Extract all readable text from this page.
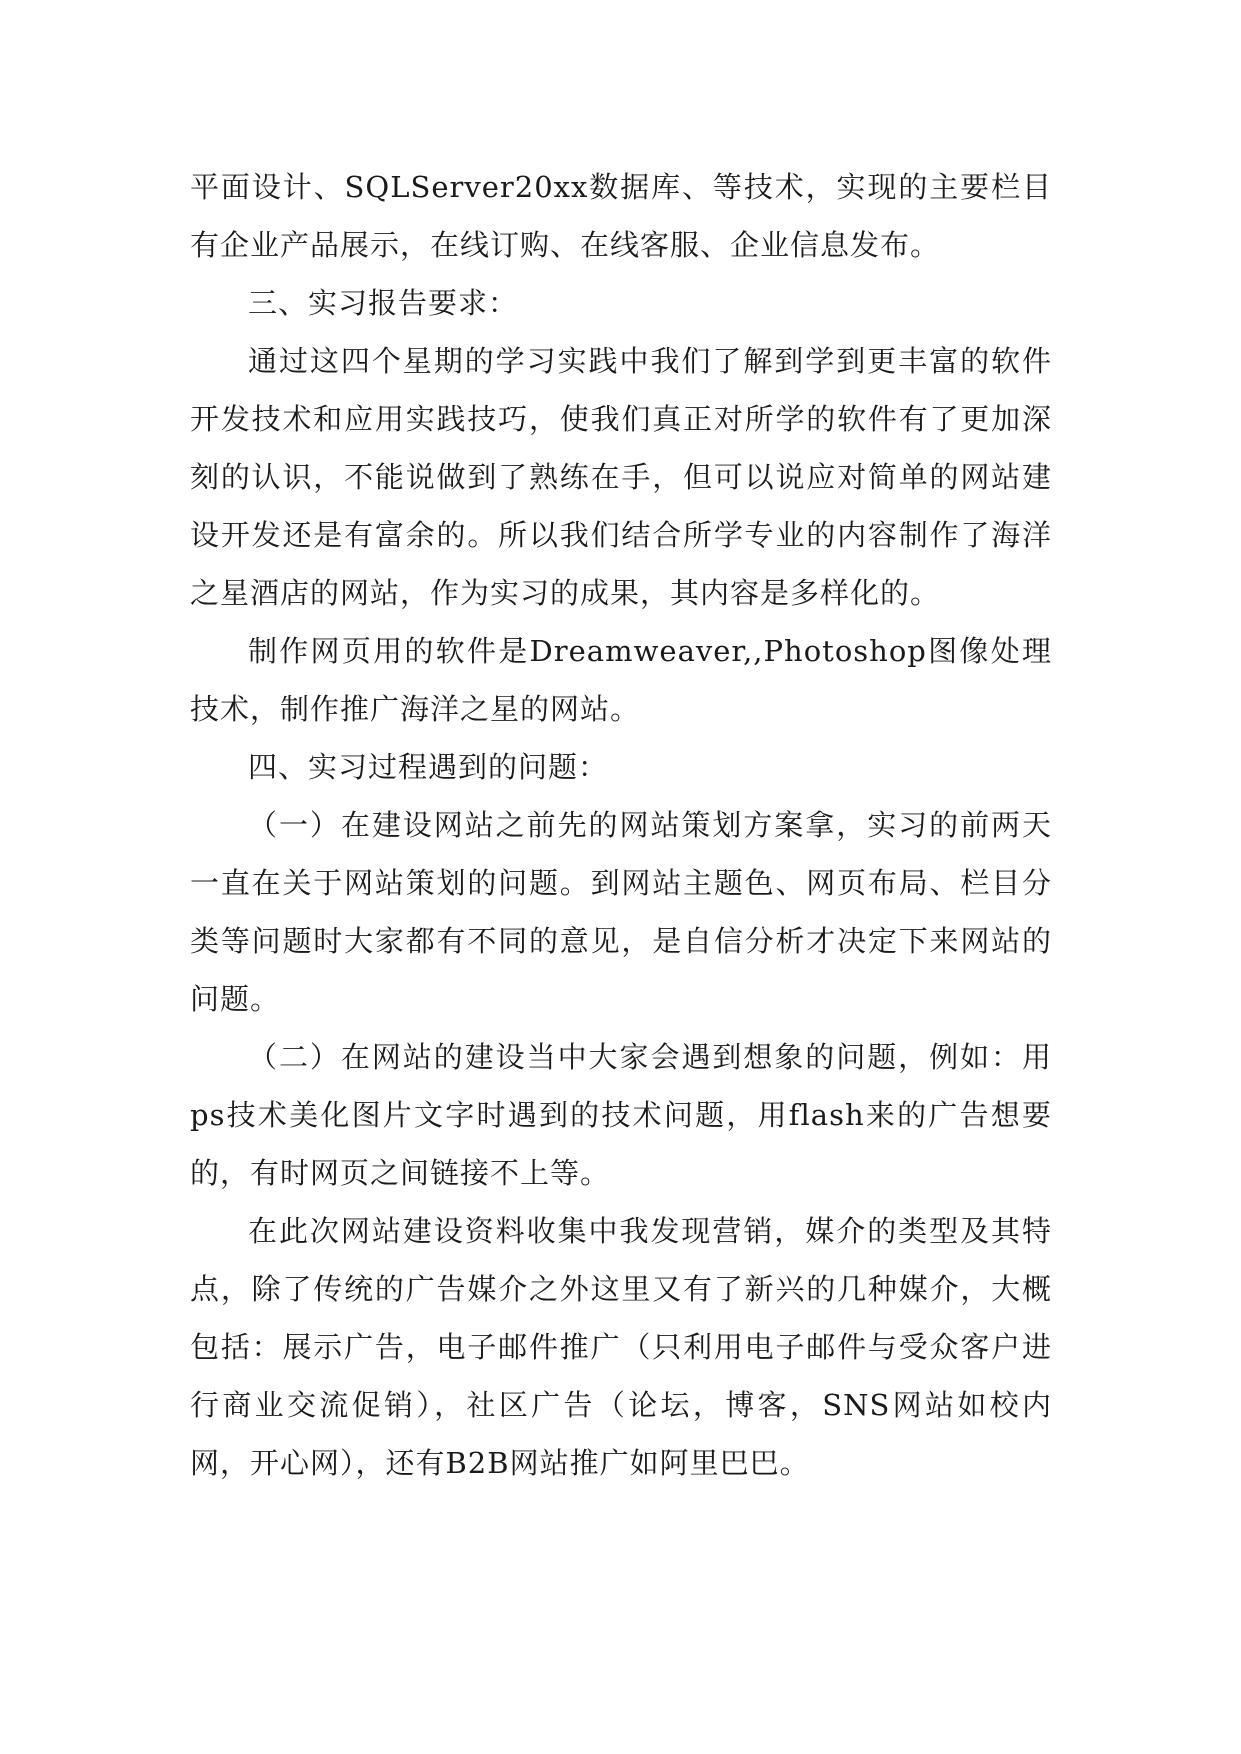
平面设计、SQLServer20xx数据库、等技术，实现的主要栏目有企业产品展示，在线订购、在线客服、企业信息发布。

三、实习报告要求：

通过这四个星期的学习实践中我们了解到学到更丰富的软件开发技术和应用实践技巧，使我们真正对所学的软件有了更加深刻的认识，不能说做到了熟练在手，但可以说应对简单的网站建设开发还是有富余的。所以我们结合所学专业的内容制作了海洋之星酒店的网站，作为实习的成果，其内容是多样化的。

制作网页用的软件是Dreamweaver,,Photoshop图像处理技术，制作推广海洋之星的网站。

四、实习过程遇到的问题：

（一）在建设网站之前先的网站策划方案拿，实习的前两天一直在关于网站策划的问题。到网站主题色、网页布局、栏目分类等问题时大家都有不同的意见，是自信分析才决定下来网站的问题。

（二）在网站的建设当中大家会遇到想象的问题，例如：用ps技术美化图片文字时遇到的技术问题，用flash来的广告想要的，有时网页之间链接不上等。

在此次网站建设资料收集中我发现营销，媒介的类型及其特点，除了传统的广告媒介之外这里又有了新兴的几种媒介，大概包括：展示广告，电子邮件推广（只利用电子邮件与受众客户进行商业交流促销），社区广告（论坛，博客，SNS网站如校内网，开心网），还有B2B网站推广如阿里巴巴。
